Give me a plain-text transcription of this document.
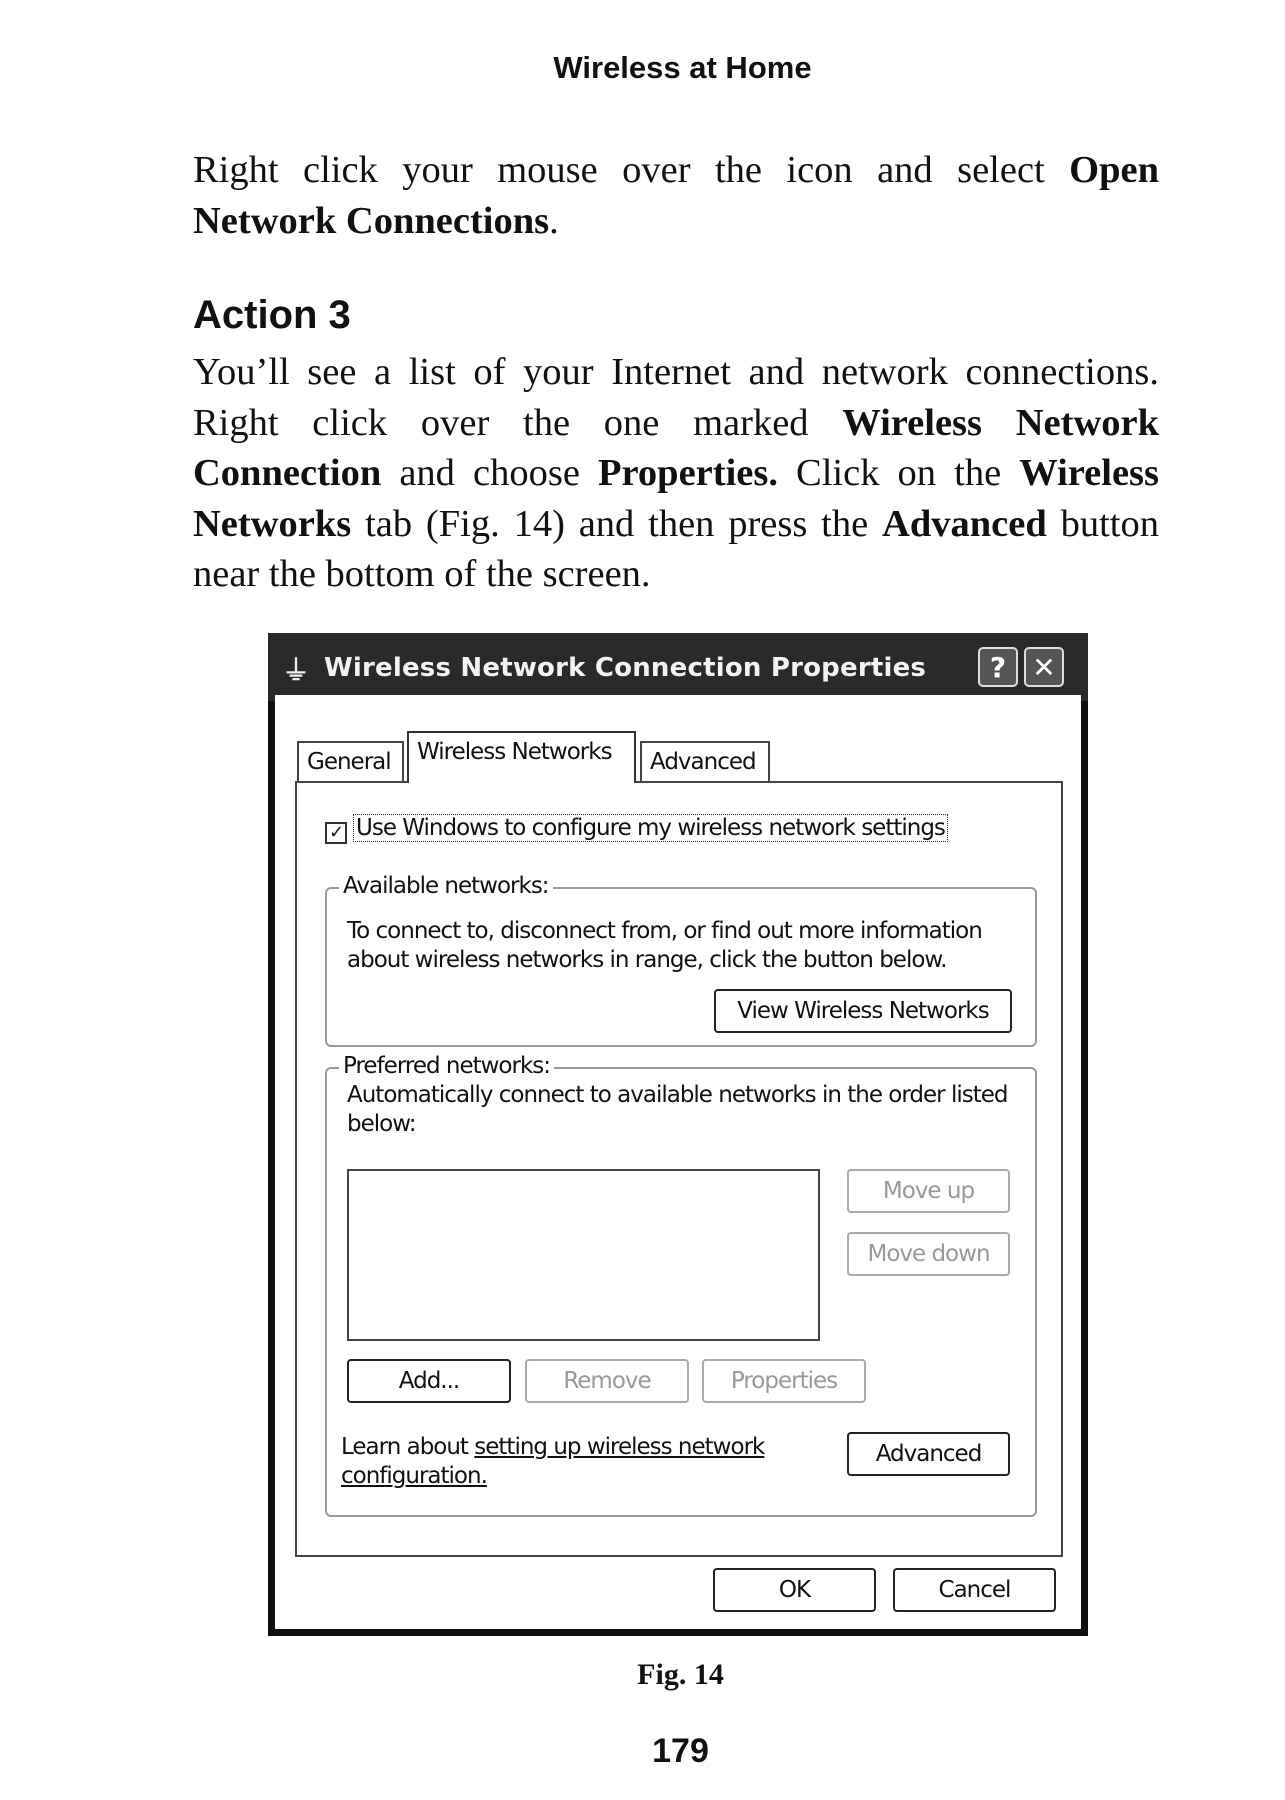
Wireless at Home
Right click your mouse over the icon and select Open Network Connections.
Action 3
You’ll see a list of your Internet and network connections. Right click over the one marked Wireless Network Connection and choose Properties. Click on the Wireless Networks tab (Fig. 14) and then press the Advanced button near the bottom of the screen.
⏚ Wireless Network Connection Properties	? ✕
General	Wireless Networks	Advanced
✓ Use Windows to configure my wireless network settings
Available networks:
To connect to, disconnect from, or find out more information
about wireless networks in range, click the button below.
View Wireless Networks
Preferred networks:
Automatically connect to available networks in the order listed
below:
Move up
Move down
Add...	Remove	Properties
Learn about setting up wireless network
configuration.
Advanced
OK	Cancel
Fig. 14
179
